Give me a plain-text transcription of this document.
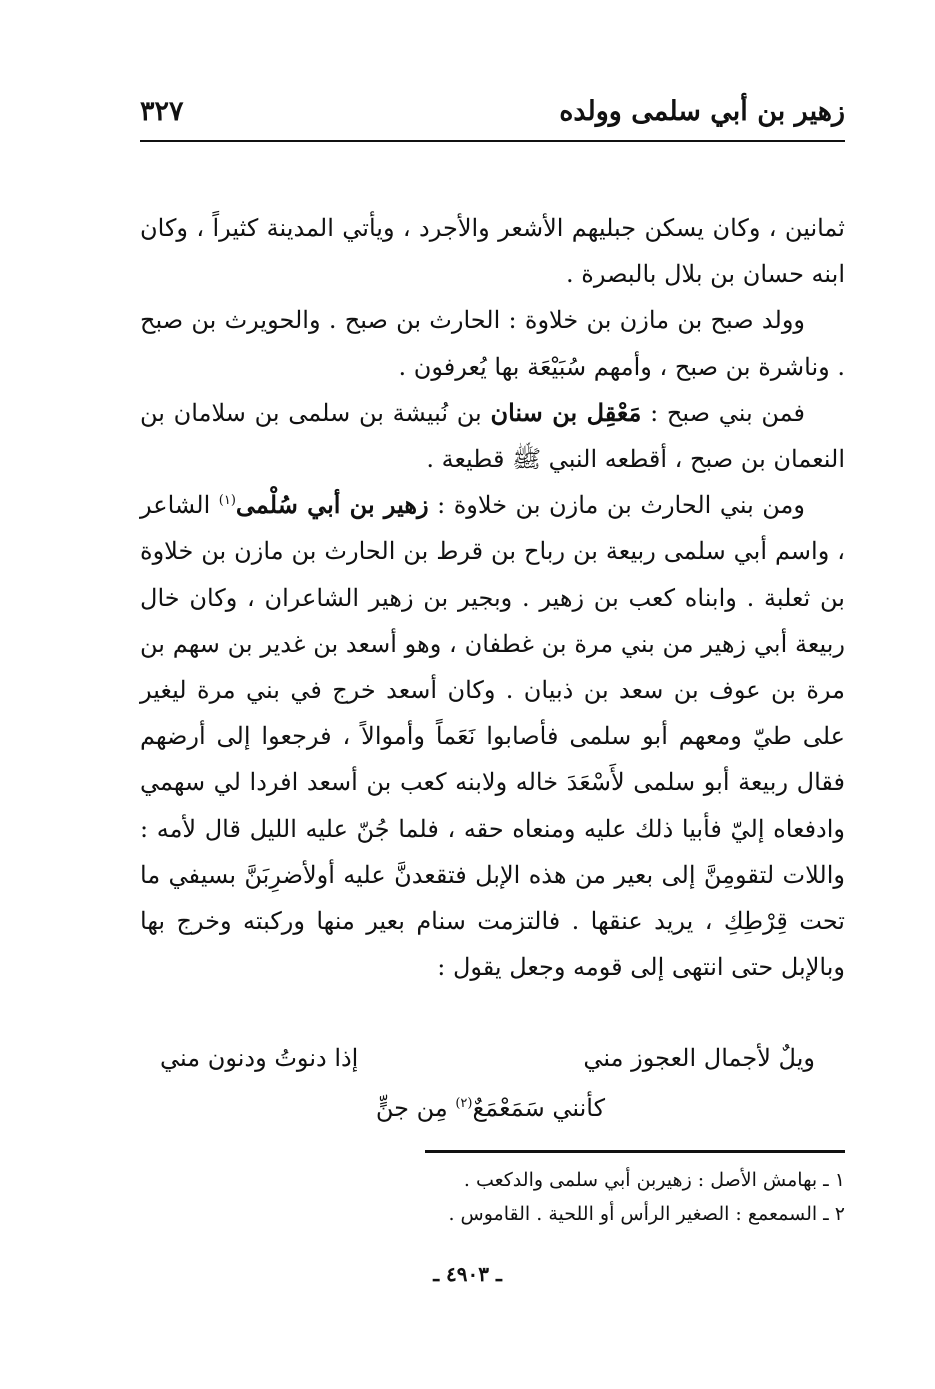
زهير بن أبي سلمى وولده
٣٢٧

ثمانين ، وكان يسكن جبليهم الأشعر والأجرد ، ويأتي المدينة كثيراً ، وكان ابنه حسان بن بلال بالبصرة .

وولد صبح بن مازن بن خلاوة : الحارث بن صبح . والحويرث بن صبح . وناشرة بن صبح ، وأمهم سُبَيْعَة بها يُعرفون .

فمن بني صبح : مَعْقِل بن سنان بن نُبيشة بن سلمى بن سلامان بن النعمان بن صبح ، أقطعه النبي ﷺ قطيعة .

ومن بني الحارث بن مازن بن خلاوة : زهير بن أبي سُلْمى$^{(١)}$ الشاعر ، واسم أبي سلمى ربيعة بن رباح بن قرط بن الحارث بن مازن بن خلاوة بن ثعلبة . وابناه كعب بن زهير . وبجير بن زهير الشاعران ، وكان خال ربيعة أبي زهير من بني مرة بن غطفان ، وهو أسعد بن غدير بن سهم بن مرة بن عوف بن سعد بن ذبيان . وكان أسعد خرج في بني مرة ليغير على طيّ ومعهم أبو سلمى فأصابوا نَعَماً وأموالاً ، فرجعوا إلى أرضهم فقال ربيعة أبو سلمى لأَسْعَدَ خاله ولابنه كعب بن أسعد افردا لي سهمي وادفعاه إليّ فأبيا ذلك عليه ومنعاه حقه ، فلما جُنّ عليه الليل قال لأمه : واللات لتقومِنَّ إلى بعير من هذه الإبل فتقعدنَّ عليه أولأضرِبَنَّ بسيفي ما تحت قِرْطِكِ ، يريد عنقها . فالتزمت سنام بعير منها وركبته وخرج بها وبالإبل حتى انتهى إلى قومه وجعل يقول :

ويلٌ لأجمال العجوز مني
إذا دنوتُ ودنون مني
كأنني سَمَعْمَعٌ$^{(٢)}$ مِن جنٍّ

١ ـ بهامش الأصل : زهيربن أبي سلمى والدكعب .

٢ ـ السمعمع : الصغير الرأس أو اللحية . القاموس .

ـ ٤٩٠٣ ـ
